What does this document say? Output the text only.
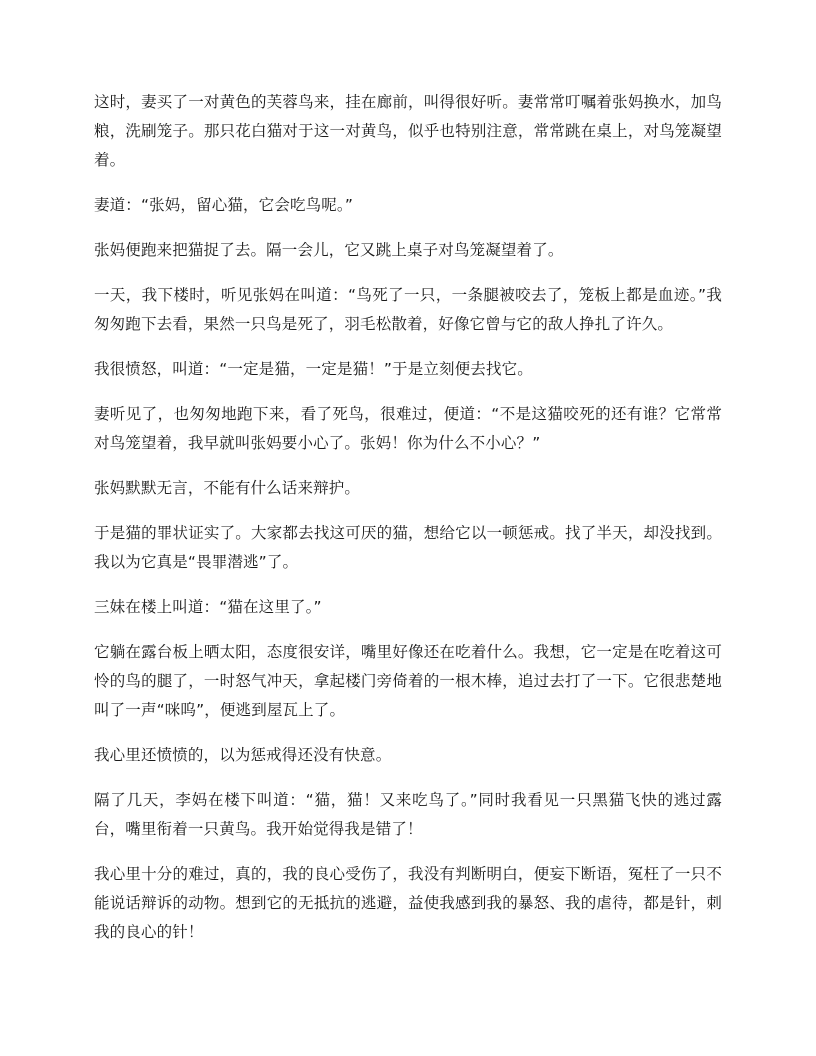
这时，妻买了一对黄色的芙蓉鸟来，挂在廊前，叫得很好听。妻常常叮嘱着张妈换水，加鸟粮，洗刷笼子。那只花白猫对于这一对黄鸟，似乎也特别注意，常常跳在桌上，对鸟笼凝望着。

妻道：“张妈，留心猫，它会吃鸟呢。”

张妈便跑来把猫捉了去。隔一会儿，它又跳上桌子对鸟笼凝望着了。

一天，我下楼时，听见张妈在叫道：“鸟死了一只，一条腿被咬去了，笼板上都是血迹。”我匆匆跑下去看，果然一只鸟是死了，羽毛松散着，好像它曾与它的敌人挣扎了许久。

我很愤怒，叫道：“一定是猫，一定是猫！”于是立刻便去找它。

妻听见了，也匆匆地跑下来，看了死鸟，很难过，便道：“不是这猫咬死的还有谁？它常常对鸟笼望着，我早就叫张妈要小心了。张妈！你为什么不小心？”

张妈默默无言，不能有什么话来辩护。

于是猫的罪状证实了。大家都去找这可厌的猫，想给它以一顿惩戒。找了半天，却没找到。我以为它真是“畏罪潜逃”了。

三妹在楼上叫道：“猫在这里了。”

它躺在露台板上晒太阳，态度很安详，嘴里好像还在吃着什么。我想，它一定是在吃着这可怜的鸟的腿了，一时怒气冲天，拿起楼门旁倚着的一根木棒，追过去打了一下。它很悲楚地叫了一声“咪呜”，便逃到屋瓦上了。

我心里还愤愤的，以为惩戒得还没有快意。

隔了几天，李妈在楼下叫道：“猫，猫！又来吃鸟了。”同时我看见一只黑猫飞快的逃过露台，嘴里衔着一只黄鸟。我开始觉得我是错了！

我心里十分的难过，真的，我的良心受伤了，我没有判断明白，便妄下断语，冤枉了一只不能说话辩诉的动物。想到它的无抵抗的逃避，益使我感到我的暴怒、我的虐待，都是针，刺我的良心的针！
